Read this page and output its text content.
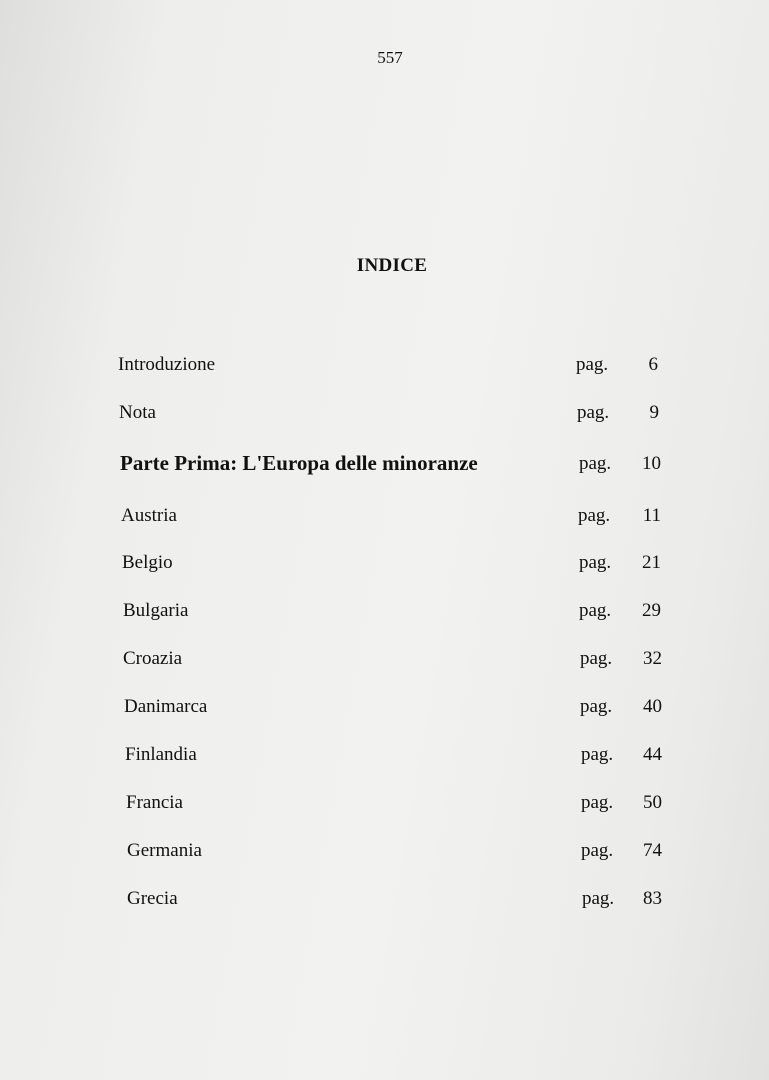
557
INDICE
Introduzione	pag.	6
Nota	pag.	9
Parte Prima: L'Europa delle minoranze	pag.	10
Austria	pag.	11
Belgio	pag.	21
Bulgaria	pag.	29
Croazia	pag.	32
Danimarca	pag.	40
Finlandia	pag.	44
Francia	pag.	50
Germania	pag.	74
Grecia	pag.	83
